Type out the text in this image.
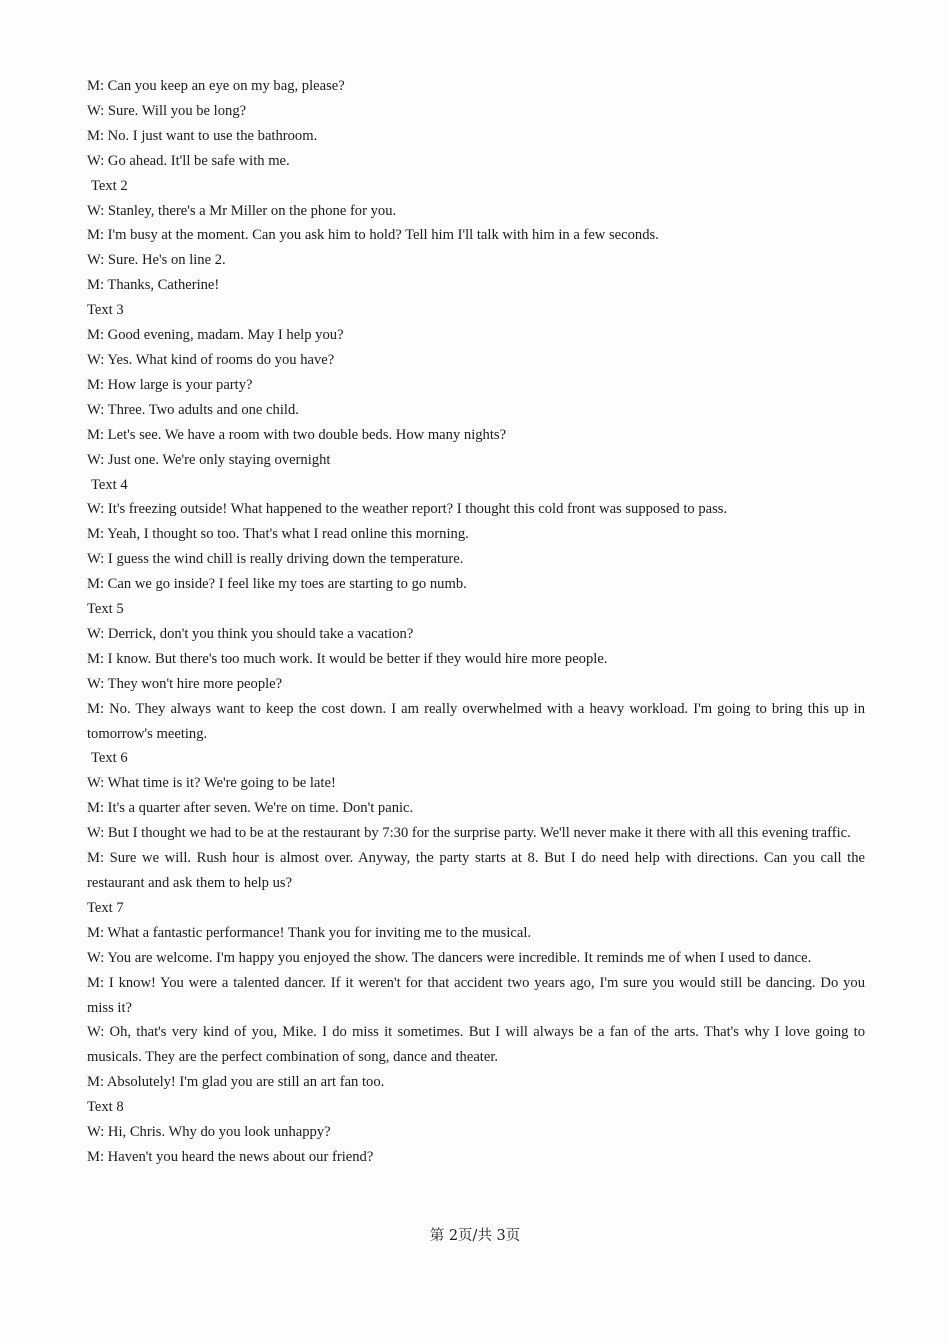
M: Can you keep an eye on my bag, please?
W: Sure. Will you be long?
M: No. I just want to use the bathroom.
W: Go ahead. It'll be safe with me.
Text 2
W: Stanley, there's a Mr Miller on the phone for you.
M: I'm busy at the moment. Can you ask him to hold? Tell him I'll talk with him in a few seconds.
W: Sure. He's on line 2.
M: Thanks, Catherine!
Text 3
M: Good evening, madam. May I help you?
W: Yes. What kind of rooms do you have?
M: How large is your party?
W: Three. Two adults and one child.
M: Let's see. We have a room with two double beds. How many nights?
W: Just one. We're only staying overnight
Text 4
W: It's freezing outside! What happened to the weather report? I thought this cold front was supposed to pass.
M: Yeah, I thought so too. That's what I read online this morning.
W: I guess the wind chill is really driving down the temperature.
M: Can we go inside? I feel like my toes are starting to go numb.
Text 5
W: Derrick, don't you think you should take a vacation?
M: I know. But there's too much work. It would be better if they would hire more people.
W: They won't hire more people?
M: No. They always want to keep the cost down. I am really overwhelmed with a heavy workload. I'm going to bring this up in tomorrow's meeting.
Text 6
W: What time is it? We're going to be late!
M: It's a quarter after seven. We're on time. Don't panic.
W: But I thought we had to be at the restaurant by 7:30 for the surprise party. We'll never make it there with all this evening traffic.
M: Sure we will. Rush hour is almost over. Anyway, the party starts at 8. But I do need help with directions. Can you call the restaurant and ask them to help us?
Text 7
M: What a fantastic performance! Thank you for inviting me to the musical.
W: You are welcome. I'm happy you enjoyed the show. The dancers were incredible. It reminds me of when I used to dance.
M: I know! You were a talented dancer. If it weren't for that accident two years ago, I'm sure you would still be dancing. Do you miss it?
W: Oh, that's very kind of you, Mike. I do miss it sometimes. But I will always be a fan of the arts. That's why I love going to musicals. They are the perfect combination of song, dance and theater.
M: Absolutely! I'm glad you are still an art fan too.
Text 8
W: Hi, Chris. Why do you look unhappy?
M: Haven't you heard the news about our friend?
第 2页/共 3页
